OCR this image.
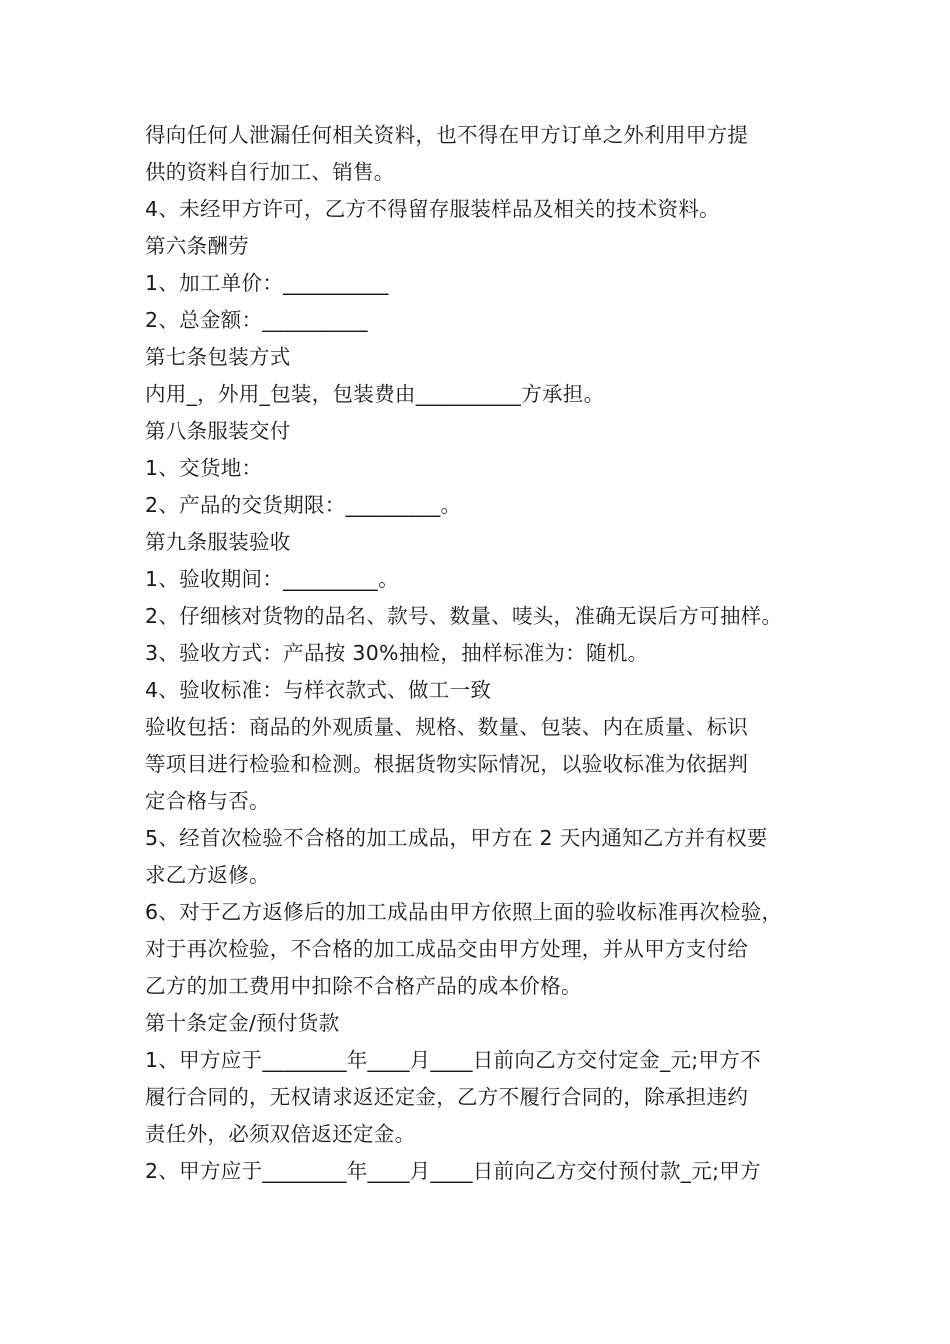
得向任何人泄漏任何相关资料，也不得在甲方订单之外利用甲方提
供的资料自行加工、销售。
4、未经甲方许可，乙方不得留存服装样品及相关的技术资料。
第六条酬劳
1、加工单价：__________
2、总金额：__________
第七条包装方式
内用_，外用_包装，包装费由__________方承担。
第八条服装交付
1、交货地：
2、产品的交货期限：_________。
第九条服装验收
1、验收期间：_________。
2、仔细核对货物的品名、款号、数量、唛头，准确无误后方可抽样。
3、验收方式：产品按 30%抽检，抽样标准为：随机。
4、验收标准：与样衣款式、做工一致
验收包括：商品的外观质量、规格、数量、包装、内在质量、标识
等项目进行检验和检测。根据货物实际情况，以验收标准为依据判
定合格与否。
5、经首次检验不合格的加工成品，甲方在 2 天内通知乙方并有权要
求乙方返修。
6、对于乙方返修后的加工成品由甲方依照上面的验收标准再次检验，
对于再次检验，不合格的加工成品交由甲方处理，并从甲方支付给
乙方的加工费用中扣除不合格产品的成本价格。
第十条定金/预付货款
1、甲方应于________年____月____日前向乙方交付定金_元;甲方不
履行合同的，无权请求返还定金，乙方不履行合同的，除承担违约
责任外，必须双倍返还定金。
2、甲方应于________年____月____日前向乙方交付预付款_元;甲方
